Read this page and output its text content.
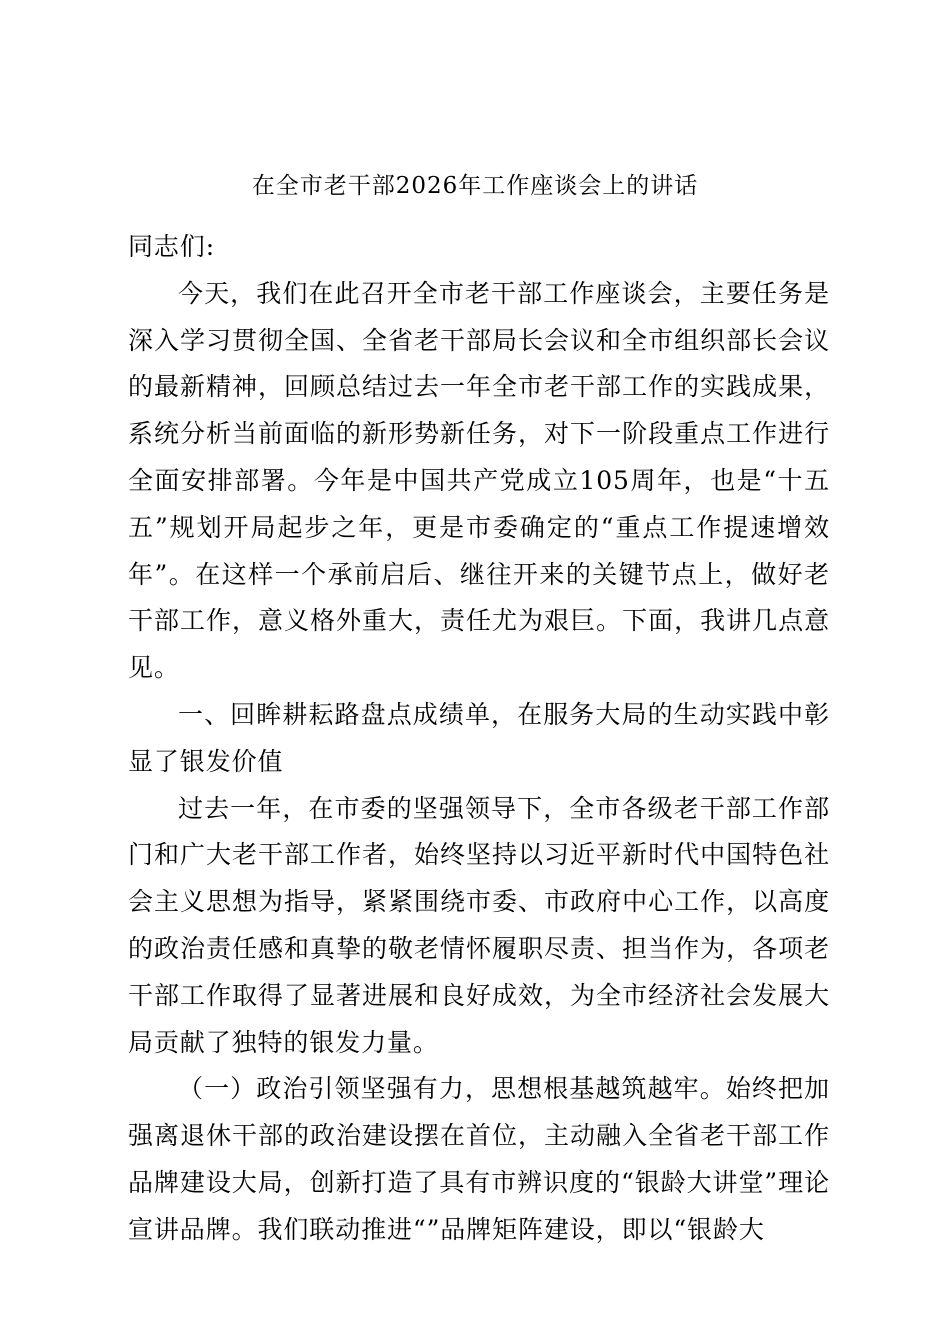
在全市老干部2026年工作座谈会上的讲话

同志们:

今天，我们在此召开全市老干部工作座谈会，主要任务是深入学习贯彻全国、全省老干部局长会议和全市组织部长会议的最新精神，回顾总结过去一年全市老干部工作的实践成果，系统分析当前面临的新形势新任务，对下一阶段重点工作进行全面安排部署。今年是中国共产党成立105周年，也是“十五五”规划开局起步之年，更是市委确定的“重点工作提速增效年”。在这样一个承前启后、继往开来的关键节点上，做好老干部工作，意义格外重大，责任尤为艰巨。下面，我讲几点意见。

一、回眸耕耘路盘点成绩单，在服务大局的生动实践中彰显了银发价值

过去一年，在市委的坚强领导下，全市各级老干部工作部门和广大老干部工作者，始终坚持以习近平新时代中国特色社会主义思想为指导，紧紧围绕市委、市政府中心工作，以高度的政治责任感和真挚的敬老情怀履职尽责、担当作为，各项老干部工作取得了显著进展和良好成效，为全市经济社会发展大局贡献了独特的银发力量。

（一）政治引领坚强有力，思想根基越筑越牢。始终把加强离退休干部的政治建设摆在首位，主动融入全省老干部工作品牌建设大局，创新打造了具有市辨识度的“银龄大讲堂”理论宣讲品牌。我们联动推进“”品牌矩阵建设，即以“银龄大
